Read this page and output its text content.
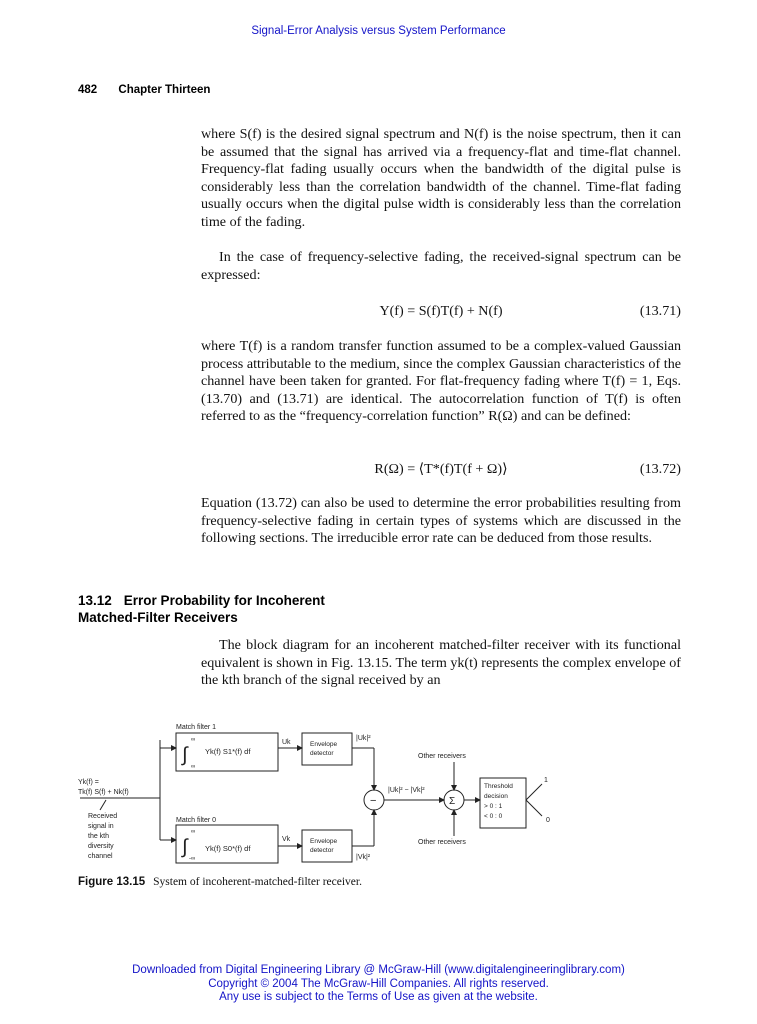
Signal-Error Analysis versus System Performance
482 Chapter Thirteen
where S(f) is the desired signal spectrum and N(f) is the noise spectrum, then it can be assumed that the signal has arrived via a frequency-flat and time-flat channel. Frequency-flat fading usually occurs when the bandwidth of the digital pulse is considerably less than the correlation bandwidth of the channel. Time-flat fading usually occurs when the digital pulse width is considerably less than the correlation time of the fading.
In the case of frequency-selective fading, the received-signal spectrum can be expressed:
Y(f) = S(f)T(f) + N(f)	(13.71)
where T(f) is a random transfer function assumed to be a complex-valued Gaussian process attributable to the medium, since the complex Gaussian characteristics of the channel have been taken for granted. For flat-frequency fading where T(f) = 1, Eqs. (13.70) and (13.71) are identical. The autocorrelation function of T(f) is often referred to as the “frequency-correlation function” R(Ω) and can be defined:
R(Ω) = ⟨T*(f)T(f + Ω)⟩	(13.72)
Equation (13.72) can also be used to determine the error probabilities resulting from frequency-selective fading in certain types of systems which are discussed in the following sections. The irreducible error rate can be deduced from those results.
13.12 Error Probability for Incoherent
Matched-Filter Receivers
The block diagram for an incoherent matched-filter receiver with its functional equivalent is shown in Fig. 13.15. The term yk(t) represents the complex envelope of the kth branch of the signal received by an
Match filter 1
Match filter 0
∫
∞
∞
Yk(f) S1*(f) df
∫
∞
-∞
Yk(f) S0*(f) df
Uk
Vk
|Uk|²
|Vk|²
Envelope
detector
Envelope
detector
Yk(f) =
Tk(f) S(f) + Nk(f)
Received
signal in
the kth
diversity
channel
−	Σ
|Uk|² − |Vk|²
Other receivers
Other receivers
Threshold
decision
> 0 : 1
< 0 : 0
1
0
Figure 13.15 System of incoherent-matched-filter receiver.
Downloaded from Digital Engineering Library @ McGraw-Hill (www.digitalengineeringlibrary.com)
Copyright © 2004 The McGraw-Hill Companies. All rights reserved.
Any use is subject to the Terms of Use as given at the website.
